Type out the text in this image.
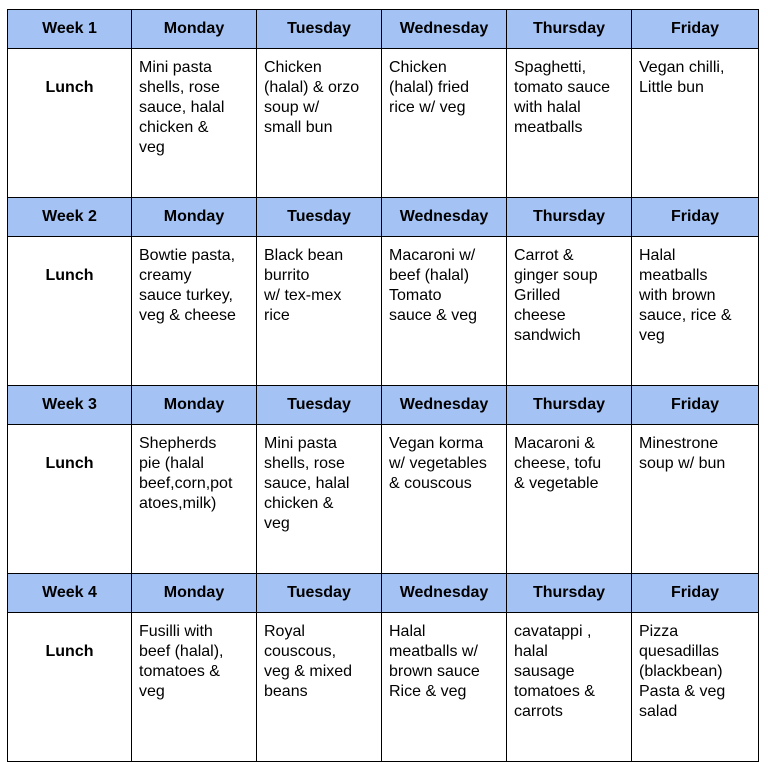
Week 1	Monday	Tuesday	Wednesday	Thursday	Friday
Lunch	Mini pasta
shells, rose
sauce, halal
chicken &
veg	Chicken
(halal) & orzo
soup w/
small bun	Chicken
(halal) fried
rice w/ veg	Spaghetti,
tomato sauce
with halal
meatballs	Vegan chilli,
Little bun
Week 2	Monday	Tuesday	Wednesday	Thursday	Friday
Lunch	Bowtie pasta,
creamy
sauce turkey,
veg & cheese	Black bean
burrito
w/ tex-mex
rice	Macaroni w/
beef (halal)
Tomato
sauce & veg	Carrot &
ginger soup
Grilled
cheese
sandwich	Halal
meatballs
with brown
sauce, rice &
veg
Week 3	Monday	Tuesday	Wednesday	Thursday	Friday
Lunch	Shepherds
pie (halal
beef,corn,pot
atoes,milk)	Mini pasta
shells, rose
sauce, halal
chicken &
veg	Vegan korma
w/ vegetables
& couscous	Macaroni &
cheese, tofu
& vegetable	Minestrone
soup w/ bun
Week 4	Monday	Tuesday	Wednesday	Thursday	Friday
Lunch	Fusilli with
beef (halal),
tomatoes &
veg	Royal
couscous,
veg & mixed
beans	Halal
meatballs w/
brown sauce
Rice & veg	cavatappi ,
halal
sausage
tomatoes &
carrots	Pizza
quesadillas
(blackbean)
Pasta & veg
salad
